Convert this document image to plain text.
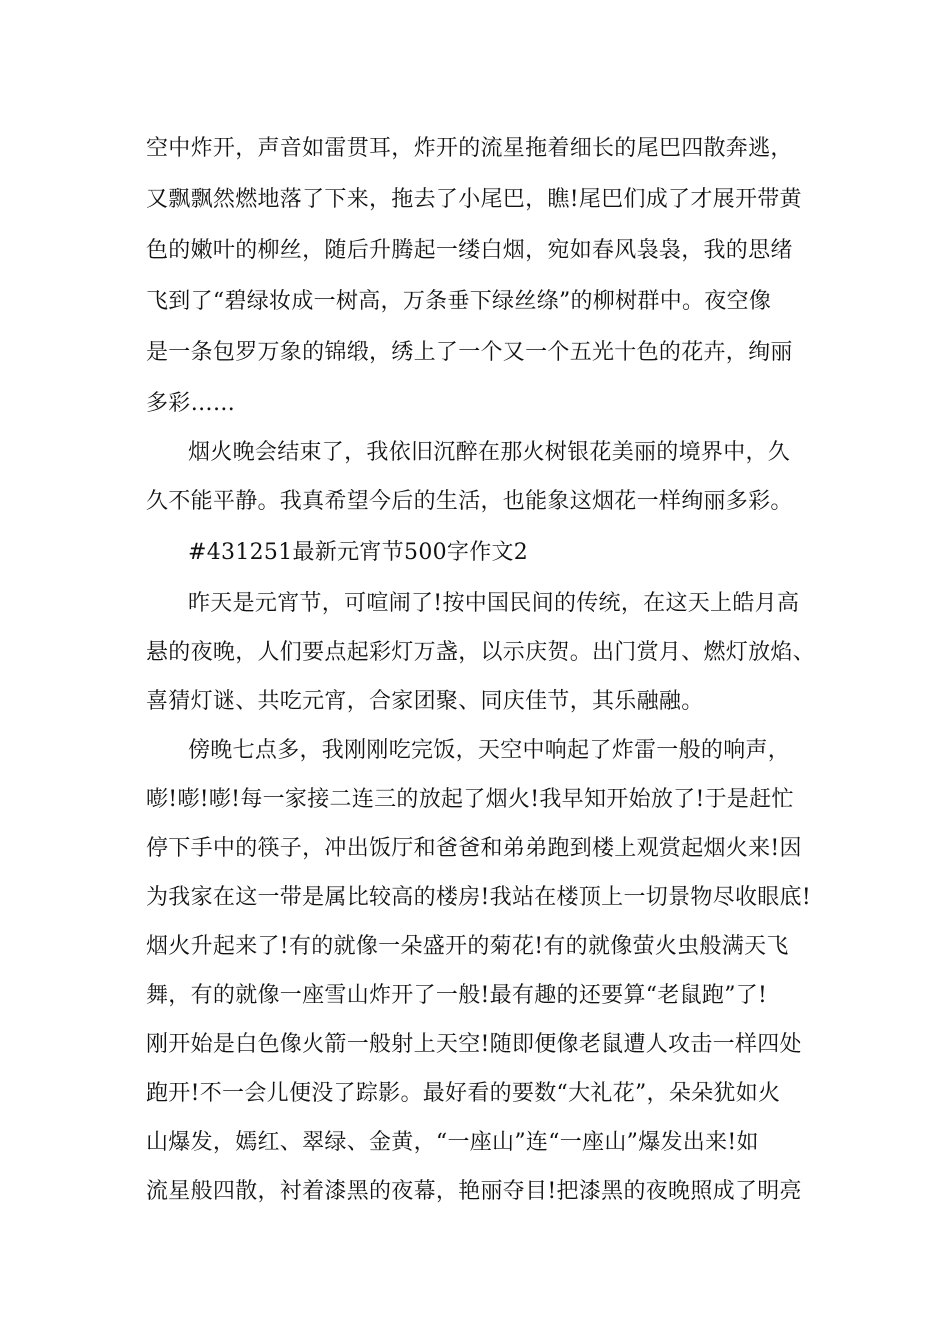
空中炸开，声音如雷贯耳，炸开的流星拖着细长的尾巴四散奔逃，
又飘飘然燃地落了下来，拖去了小尾巴，瞧!尾巴们成了才展开带黄
色的嫩叶的柳丝，随后升腾起一缕白烟，宛如春风袅袅，我的思绪
飞到了“碧绿妆成一树高，万条垂下绿丝绦”的柳树群中。夜空像
是一条包罗万象的锦缎，绣上了一个又一个五光十色的花卉，绚丽
多彩……
烟火晚会结束了，我依旧沉醉在那火树银花美丽的境界中，久
久不能平静。我真希望今后的生活，也能象这烟花一样绚丽多彩。
#431251最新元宵节500字作文2
昨天是元宵节，可喧闹了!按中国民间的传统，在这天上皓月高
悬的夜晚，人们要点起彩灯万盏，以示庆贺。出门赏月、燃灯放焰、
喜猜灯谜、共吃元宵，合家团聚、同庆佳节，其乐融融。
傍晚七点多，我刚刚吃完饭，天空中响起了炸雷一般的响声，
嘭!嘭!嘭!每一家接二连三的放起了烟火!我早知开始放了!于是赶忙
停下手中的筷子，冲出饭厅和爸爸和弟弟跑到楼上观赏起烟火来!因
为我家在这一带是属比较高的楼房!我站在楼顶上一切景物尽收眼底!
烟火升起来了!有的就像一朵盛开的菊花!有的就像萤火虫般满天飞
舞，有的就像一座雪山炸开了一般!最有趣的还要算“老鼠跑”了!
刚开始是白色像火箭一般射上天空!随即便像老鼠遭人攻击一样四处
跑开!不一会儿便没了踪影。最好看的要数“大礼花”，朵朵犹如火
山爆发，嫣红、翠绿、金黄，“一座山”连“一座山”爆发出来!如
流星般四散，衬着漆黑的夜幕，艳丽夺目!把漆黑的夜晚照成了明亮
